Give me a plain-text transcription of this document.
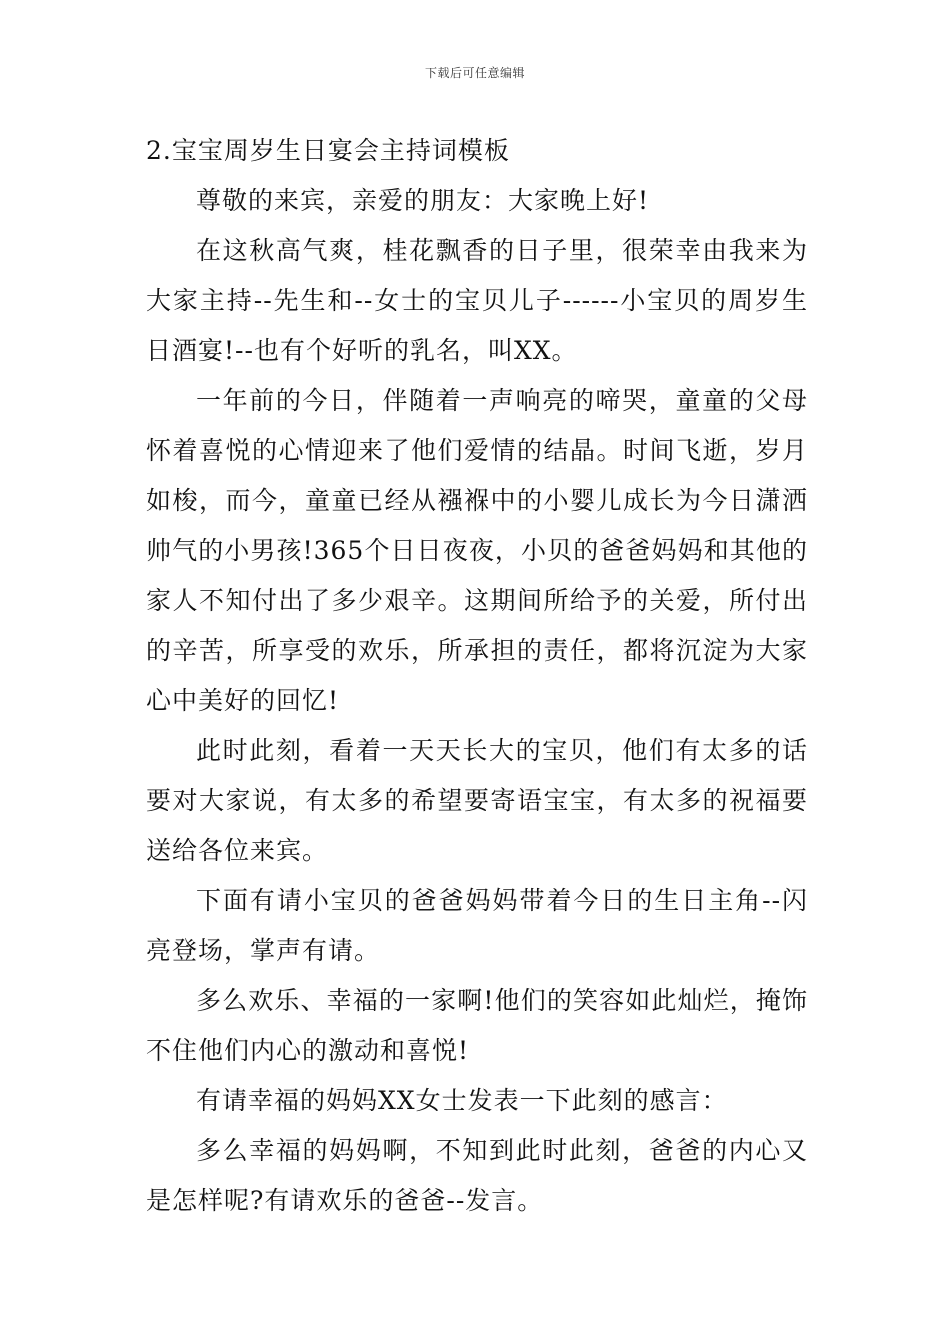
下载后可任意编辑
2.宝宝周岁生日宴会主持词模板

尊敬的来宾，亲爱的朋友：大家晚上好!

在这秋高气爽，桂花飘香的日子里，很荣幸由我来为大家主持--先生和--女士的宝贝儿子------小宝贝的周岁生日酒宴!--也有个好听的乳名，叫XX。

一年前的今日，伴随着一声响亮的啼哭，童童的父母怀着喜悦的心情迎来了他们爱情的结晶。时间飞逝，岁月如梭，而今，童童已经从襁褓中的小婴儿成长为今日潇洒帅气的小男孩!365个日日夜夜，小贝的爸爸妈妈和其他的家人不知付出了多少艰辛。这期间所给予的关爱，所付出的辛苦，所享受的欢乐，所承担的责任，都将沉淀为大家心中美好的回忆!

此时此刻，看着一天天长大的宝贝，他们有太多的话要对大家说，有太多的希望要寄语宝宝，有太多的祝福要送给各位来宾。

下面有请小宝贝的爸爸妈妈带着今日的生日主角--闪亮登场，掌声有请。

多么欢乐、幸福的一家啊!他们的笑容如此灿烂，掩饰不住他们内心的激动和喜悦!

有请幸福的妈妈XX女士发表一下此刻的感言：

多么幸福的妈妈啊，不知到此时此刻，爸爸的内心又是怎样呢?有请欢乐的爸爸--发言。
